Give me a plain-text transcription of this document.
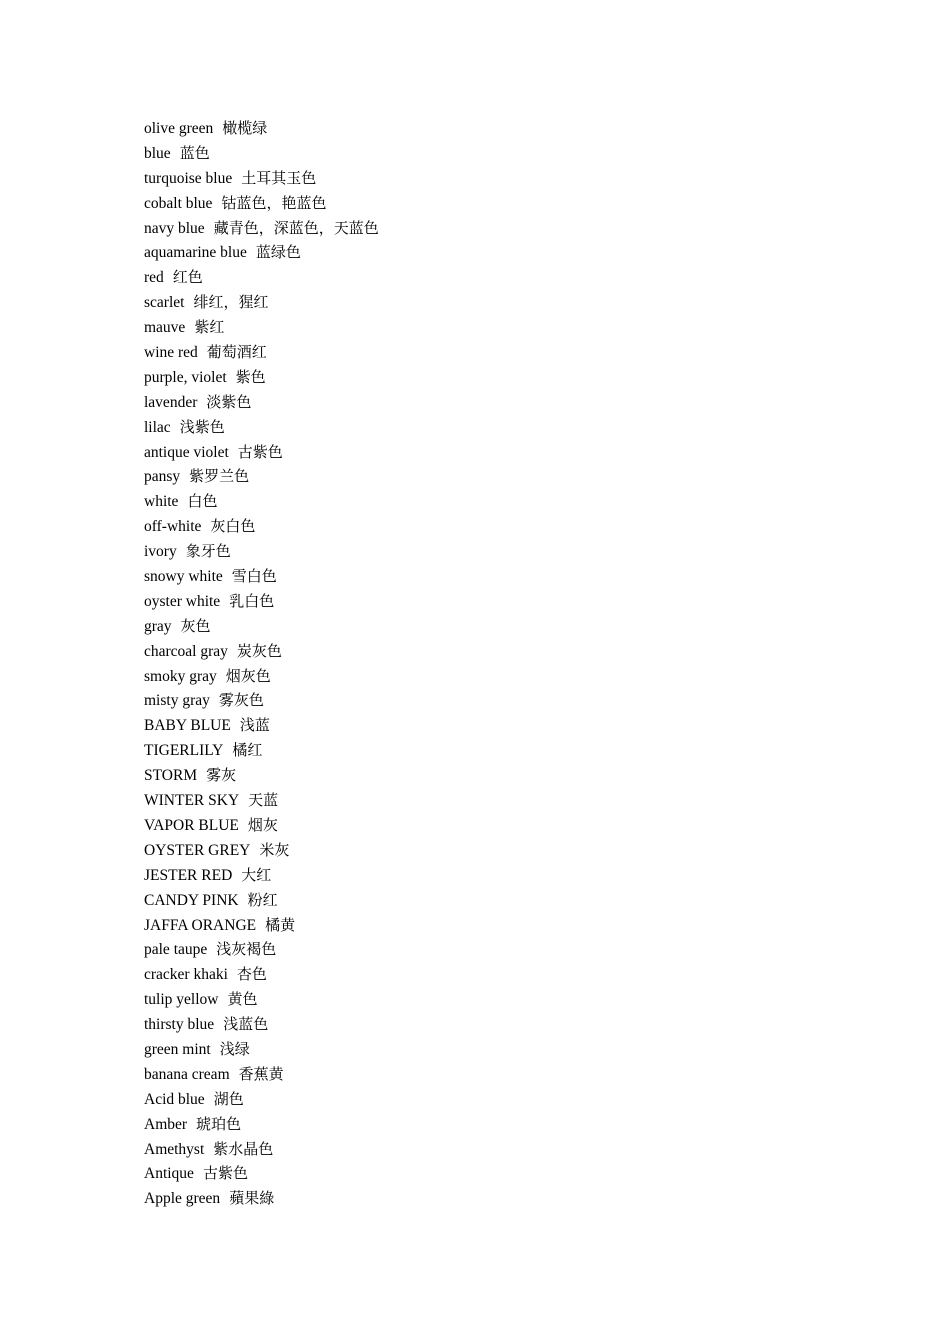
olive green 橄榄绿
blue 蓝色
turquoise blue 土耳其玉色
cobalt blue 钴蓝色，艳蓝色
navy blue 藏青色，深蓝色，天蓝色
aquamarine blue 蓝绿色
red 红色
scarlet 绯红，猩红
mauve 紫红
wine red 葡萄酒红
purple, violet 紫色
lavender 淡紫色
lilac 浅紫色
antique violet 古紫色
pansy 紫罗兰色
white 白色
off-white 灰白色
ivory 象牙色
snowy white 雪白色
oyster white 乳白色
gray 灰色
charcoal gray 炭灰色
smoky gray 烟灰色
misty gray 雾灰色
BABY BLUE 浅蓝
TIGERLILY 橘红
STORM 雾灰
WINTER SKY 天蓝
VAPOR BLUE 烟灰
OYSTER GREY 米灰
JESTER RED 大红
CANDY PINK 粉红
JAFFA ORANGE 橘黄
pale taupe 浅灰褐色
cracker khaki 杏色
tulip yellow 黄色
thirsty blue 浅蓝色
green mint 浅绿
banana cream 香蕉黄
Acid blue 湖色
Amber 琥珀色
Amethyst 紫水晶色
Antique 古紫色
Apple green 蘋果綠
